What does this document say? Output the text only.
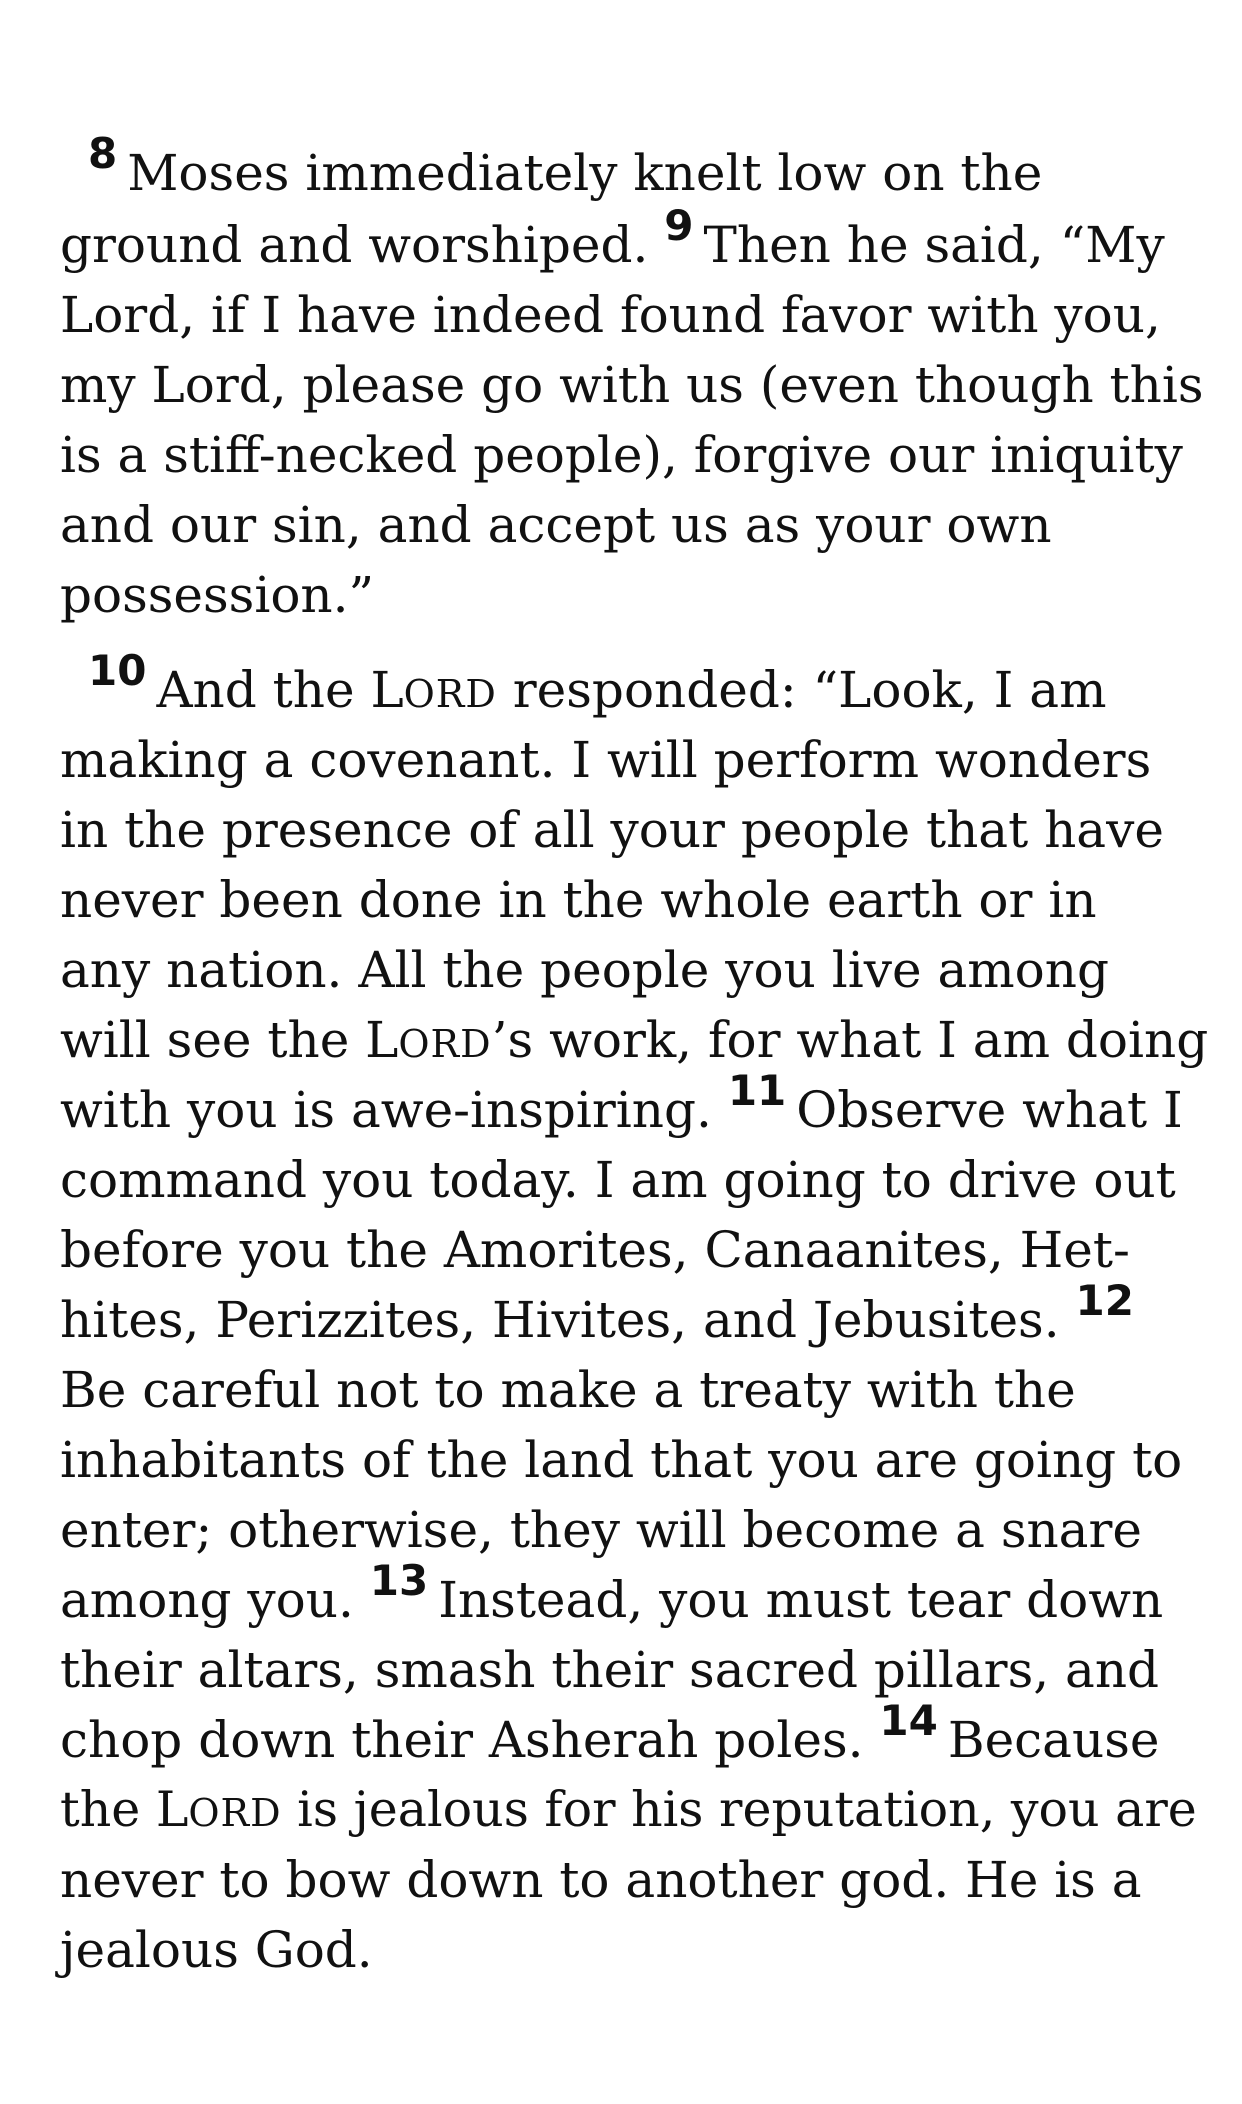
$^8$ Moses immediately knelt low on the
ground and worshiped. $^9$ Then he said, “My
Lord, if I have indeed found favor with you,
my Lord, please go with us (even though this
is a stiff-necked people), forgive our iniquity
and our sin, and accept us as your own
possession.”
$^{10}$ And the LORD responded: “Look, I am
making a covenant. I will perform wonders
in the presence of all your people that have
never been done in the whole earth or in
any nation. All the people you live among
will see the LORD’s work, for what I am doing
with you is awe-inspiring. $^{11}$ Observe what I
command you today. I am going to drive out
before you the Amorites, Canaanites, Het-
hites, Perizzites, Hivites, and Jebusites. $^{12}$
Be careful not to make a treaty with the
inhabitants of the land that you are going to
enter; otherwise, they will become a snare
among you. $^{13}$ Instead, you must tear down
their altars, smash their sacred pillars, and
chop down their Asherah poles. $^{14}$ Because
the LORD is jealous for his reputation, you are
never to bow down to another god. He is a
jealous God.
